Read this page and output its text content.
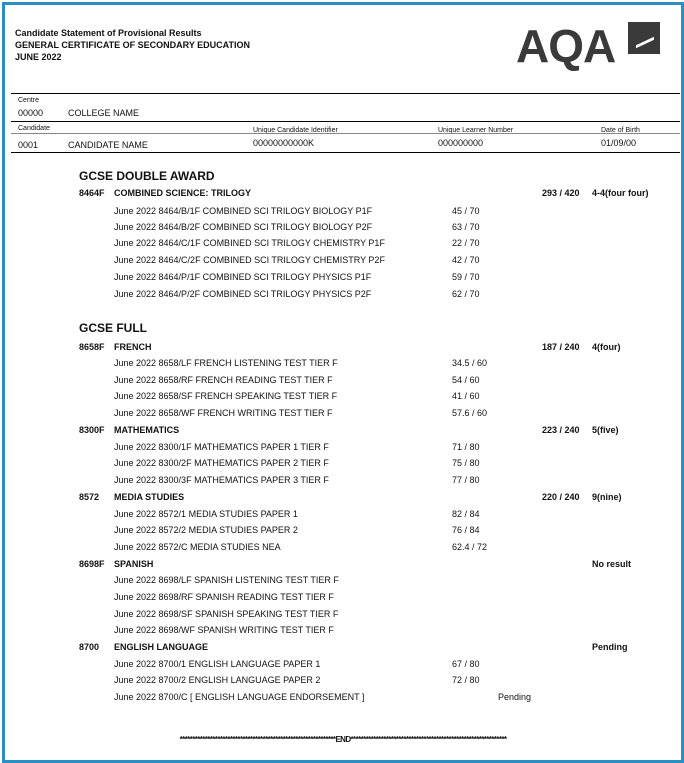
Candidate Statement of Provisional Results
GENERAL CERTIFICATE OF SECONDARY EDUCATION
JUNE 2022	AQA
Centre
00000	COLLEGE NAME
Candidate	Unique Candidate Identifier	Unique Learner Number	Date of Birth
0001	CANDIDATE NAME	00000000000K	000000000	01/09/00
GCSE DOUBLE AWARD
8464F COMBINED SCIENCE: TRILOGY	293 / 420 4-4(four four)
June 2022 8464/B/1F COMBINED SCI TRILOGY BIOLOGY P1F	45 / 70
June 2022 8464/B/2F COMBINED SCI TRILOGY BIOLOGY P2F	63 / 70
June 2022 8464/C/1F COMBINED SCI TRILOGY CHEMISTRY P1F	22 / 70
June 2022 8464/C/2F COMBINED SCI TRILOGY CHEMISTRY P2F	42 / 70
June 2022 8464/P/1F COMBINED SCI TRILOGY PHYSICS P1F	59 / 70
June 2022 8464/P/2F COMBINED SCI TRILOGY PHYSICS P2F	62 / 70
GCSE FULL
8658F FRENCH	187 / 240 4(four)
June 2022 8658/LF FRENCH LISTENING TEST TIER F	34.5 / 60
June 2022 8658/RF FRENCH READING TEST TIER F	54 / 60
June 2022 8658/SF FRENCH SPEAKING TEST TIER F	41 / 60
June 2022 8658/WF FRENCH WRITING TEST TIER F	57.6 / 60
8300F MATHEMATICS	223 / 240 5(five)
June 2022 8300/1F MATHEMATICS PAPER 1 TIER F	71 / 80
June 2022 8300/2F MATHEMATICS PAPER 2 TIER F	75 / 80
June 2022 8300/3F MATHEMATICS PAPER 3 TIER F	77 / 80
8572 MEDIA STUDIES	220 / 240 9(nine)
June 2022 8572/1 MEDIA STUDIES PAPER 1	82 / 84
June 2022 8572/2 MEDIA STUDIES PAPER 2	76 / 84
June 2022 8572/C MEDIA STUDIES NEA	62.4 / 72
8698F SPANISH	No result
June 2022 8698/LF SPANISH LISTENING TEST TIER F
June 2022 8698/RF SPANISH READING TEST TIER F
June 2022 8698/SF SPANISH SPEAKING TEST TIER F
June 2022 8698/WF SPANISH WRITING TEST TIER F
8700 ENGLISH LANGUAGE	Pending
June 2022 8700/1 ENGLISH LANGUAGE PAPER 1	67 / 80
June 2022 8700/2 ENGLISH LANGUAGE PAPER 2	72 / 80
June 2022 8700/C [ ENGLISH LANGUAGE ENDORSEMENT ]	Pending
**************************************************************END**************************************************************
